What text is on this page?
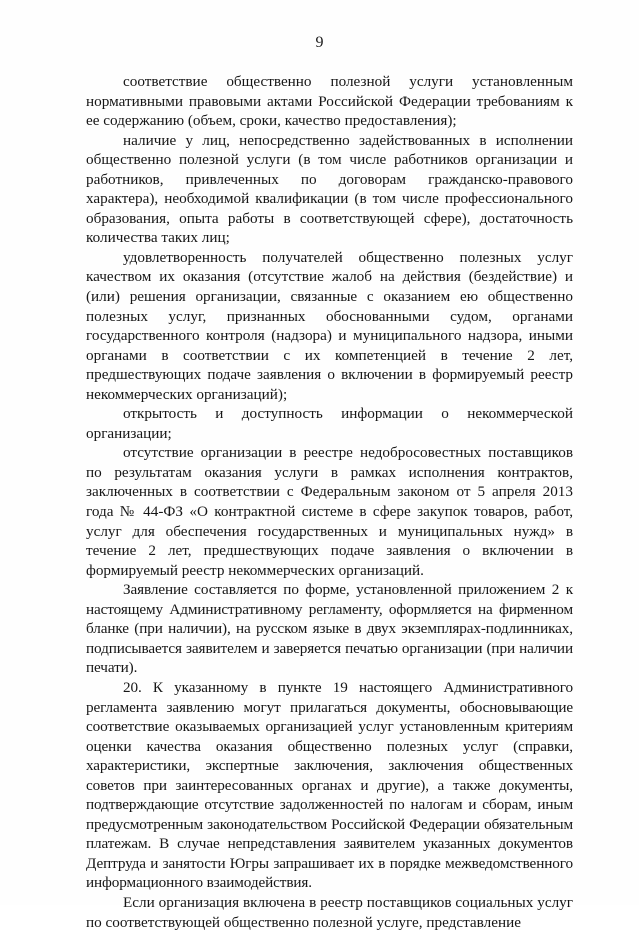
9

соответствие общественно полезной услуги установленным нормативными правовыми актами Российской Федерации требованиям к ее содержанию (объем, сроки, качество предоставления);

наличие у лиц, непосредственно задействованных в исполнении общественно полезной услуги (в том числе работников организации и работников, привлеченных по договорам гражданско-правового характера), необходимой квалификации (в том числе профессионального образования, опыта работы в соответствующей сфере), достаточность количества таких лиц;

удовлетворенность получателей общественно полезных услуг качеством их оказания (отсутствие жалоб на действия (бездействие) и (или) решения организации, связанные с оказанием ею общественно полезных услуг, признанных обоснованными судом, органами государственного контроля (надзора) и муниципального надзора, иными органами в соответствии с их компетенцией в течение 2 лет, предшествующих подаче заявления о включении в формируемый реестр некоммерческих организаций);

открытость и доступность информации о некоммерческой организации;

отсутствие организации в реестре недобросовестных поставщиков по результатам оказания услуги в рамках исполнения контрактов, заключенных в соответствии с Федеральным законом от 5 апреля 2013 года № 44-ФЗ «О контрактной системе в сфере закупок товаров, работ, услуг для обеспечения государственных и муниципальных нужд» в течение 2 лет, предшествующих подаче заявления о включении в формируемый реестр некоммерческих организаций.

Заявление составляется по форме, установленной приложением 2 к настоящему Административному регламенту, оформляется на фирменном бланке (при наличии), на русском языке в двух экземплярах-подлинниках, подписывается заявителем и заверяется печатью организации (при наличии печати).

20. К указанному в пункте 19 настоящего Административного регламента заявлению могут прилагаться документы, обосновывающие соответствие оказываемых организацией услуг установленным критериям оценки качества оказания общественно полезных услуг (справки, характеристики, экспертные заключения, заключения общественных советов при заинтересованных органах и другие), а также документы, подтверждающие отсутствие задолженностей по налогам и сборам, иным предусмотренным законодательством Российской Федерации обязательным платежам. В случае непредставления заявителем указанных документов Дептруда и занятости Югры запрашивает их в порядке межведомственного информационного взаимодействия.

Если организация включена в реестр поставщиков социальных услуг по соответствующей общественно полезной услуге, представление
